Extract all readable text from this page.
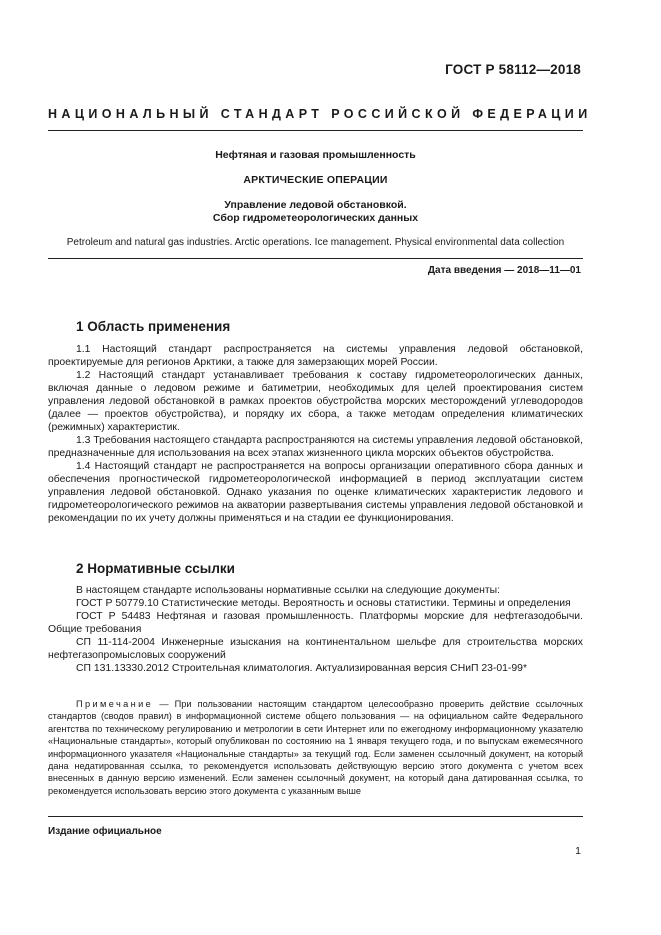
ГОСТ Р 58112—2018
НАЦИОНАЛЬНЫЙ СТАНДАРТ РОССИЙСКОЙ ФЕДЕРАЦИИ
Нефтяная и газовая промышленность
АРКТИЧЕСКИЕ ОПЕРАЦИИ
Управление ледовой обстановкой.
Сбор гидрометеорологических данных
Petroleum and natural gas industries. Arctic operations. Ice management. Physical environmental data collection
Дата введения — 2018—11—01
1 Область применения

1.1 Настоящий стандарт распространяется на системы управления ледовой обстановкой, проектируемые для регионов Арктики, а также для замерзающих морей России.

1.2 Настоящий стандарт устанавливает требования к составу гидрометеорологических данных, включая данные о ледовом режиме и батиметрии, необходимых для целей проектирования систем управления ледовой обстановкой в рамках проектов обустройства морских месторождений углеводородов (далее — проектов обустройства), и порядку их сбора, а также методам определения климатических (режимных) характеристик.

1.3 Требования настоящего стандарта распространяются на системы управления ледовой обстановкой, предназначенные для использования на всех этапах жизненного цикла морских объектов обустройства.

1.4 Настоящий стандарт не распространяется на вопросы организации оперативного сбора данных и обеспечения прогностической гидрометеорологической информацией в период эксплуатации систем управления ледовой обстановкой. Однако указания по оценке климатических характеристик ледового и гидрометеорологического режимов на акватории развертывания системы управления ледовой обстановкой и рекомендации по их учету должны применяться и на стадии ее функционирования.

2 Нормативные ссылки

В настоящем стандарте использованы нормативные ссылки на следующие документы:

ГОСТ Р 50779.10 Статистические методы. Вероятность и основы статистики. Термины и определения

ГОСТ Р 54483 Нефтяная и газовая промышленность. Платформы морские для нефтегазодобычи. Общие требования

СП 11-114-2004 Инженерные изыскания на континентальном шельфе для строительства морских нефтегазопромысловых сооружений

СП 131.13330.2012 Строительная климатология. Актуализированная версия СНиП 23-01-99*

Примечание — При пользовании настоящим стандартом целесообразно проверить действие ссылочных стандартов (сводов правил) в информационной системе общего пользования — на официальном сайте Федерального агентства по техническому регулированию и метрологии в сети Интернет или по ежегодному информационному указателю «Национальные стандарты», который опубликован по состоянию на 1 января текущего года, и по выпускам ежемесячного информационного указателя «Национальные стандарты» за текущий год. Если заменен ссылочный документ, на который дана недатированная ссылка, то рекомендуется использовать действующую версию этого документа с учетом всех внесенных в данную версию изменений. Если заменен ссылочный документ, на который дана датированная ссылка, то рекомендуется использовать версию этого документа с указанным выше

Издание официальное
1
